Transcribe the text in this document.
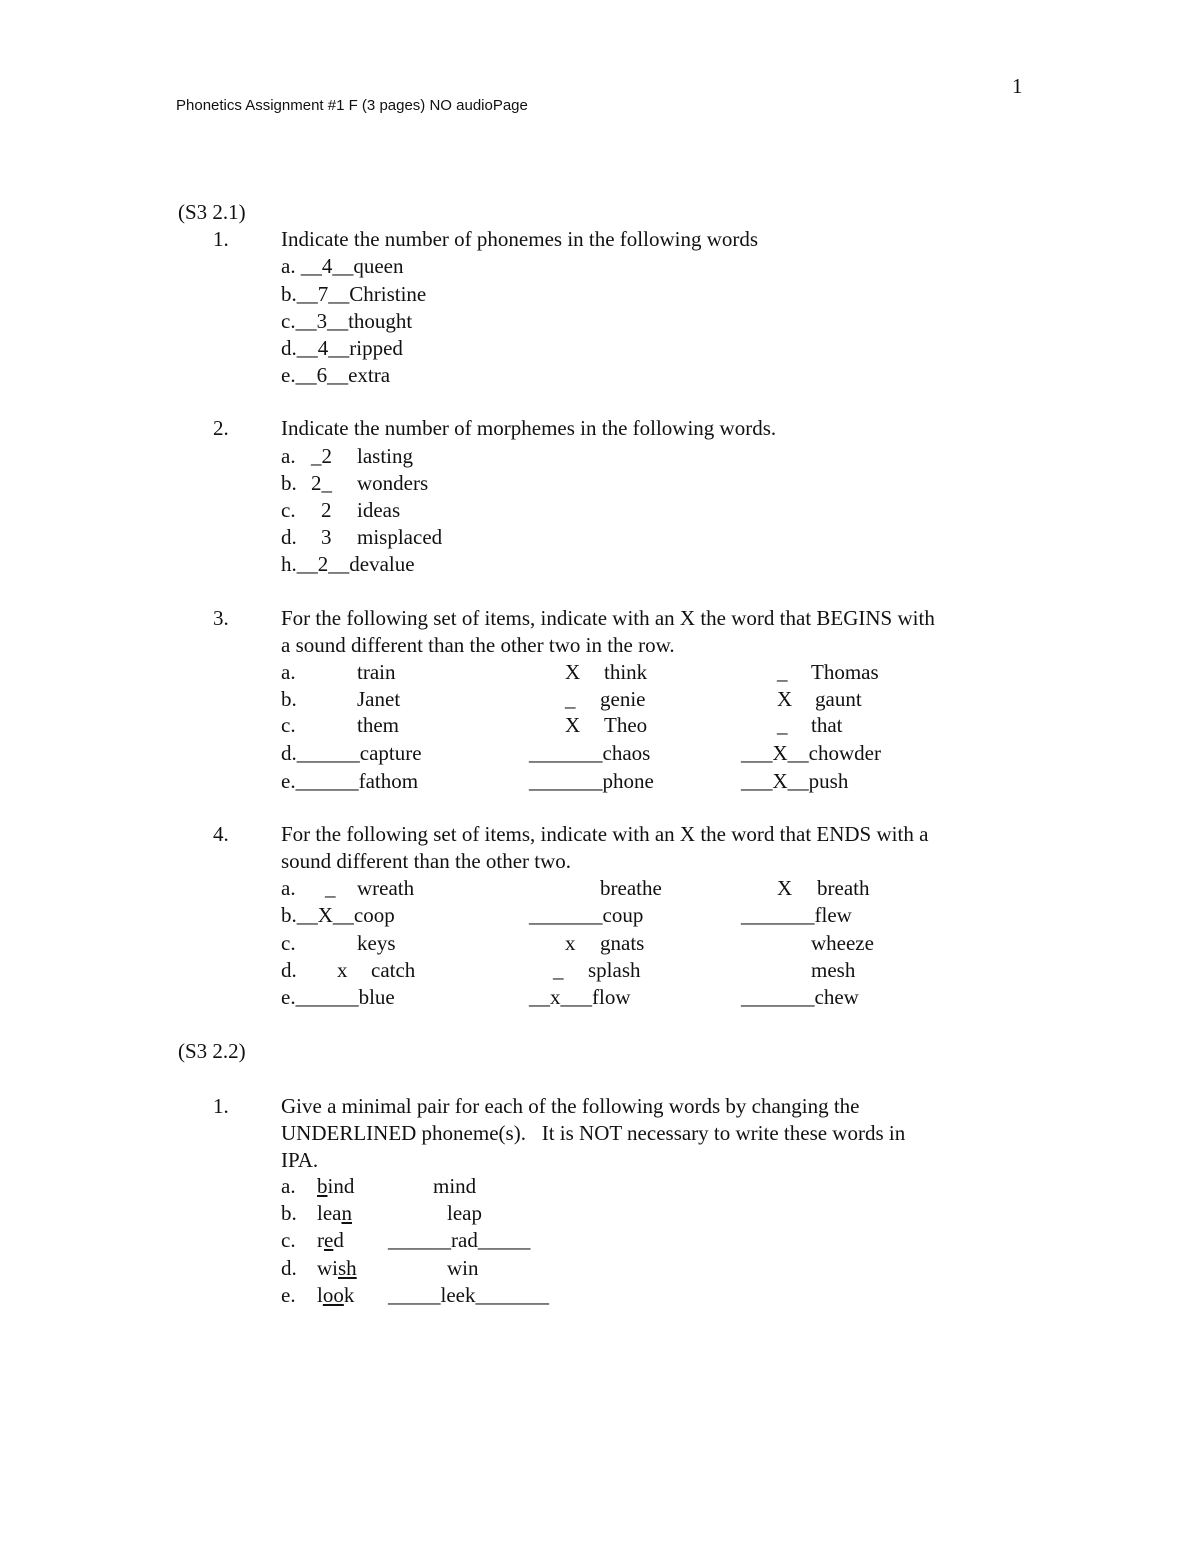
Phonetics Assignment #1 F (3 pages) NO audioPage
1
(S3 2.1)
1. Indicate the number of phonemes in the following words
a. __4__queen
b.__7__Christine
c.__3__thought
d.__4__ripped
e.__6__extra
2. Indicate the number of morphemes in the following words.
a. _2 lasting
b. 2_ wonders
c. 2 ideas
d. 3 misplaced
h.__2__devalue
3. For the following set of items, indicate with an X the word that BEGINS with
a sound different than the other two in the row.
a.	train	X think	_ Thomas
b.	Janet	_ genie	X gaunt
c.	them	X Theo	_ that
d.______capture	_______chaos	___X__chowder
e.______fathom	_______phone	___X__push
4. For the following set of items, indicate with an X the word that ENDS with a
sound different than the other two.
a. _ wreath	breathe	X breath
b.__X__coop	_______coup	_______flew
c.	keys	x gnats	wheeze
d. x catch	_ splash	mesh
e.______blue	__x___flow	_______chew
(S3 2.2)
1. Give a minimal pair for each of the following words by changing the
UNDERLINED phoneme(s).   It is NOT necessary to write these words in
IPA.
a. bind	mind
b. lean	leap
c. red ______rad_____
d. wish	win
e. look _____leek_______
